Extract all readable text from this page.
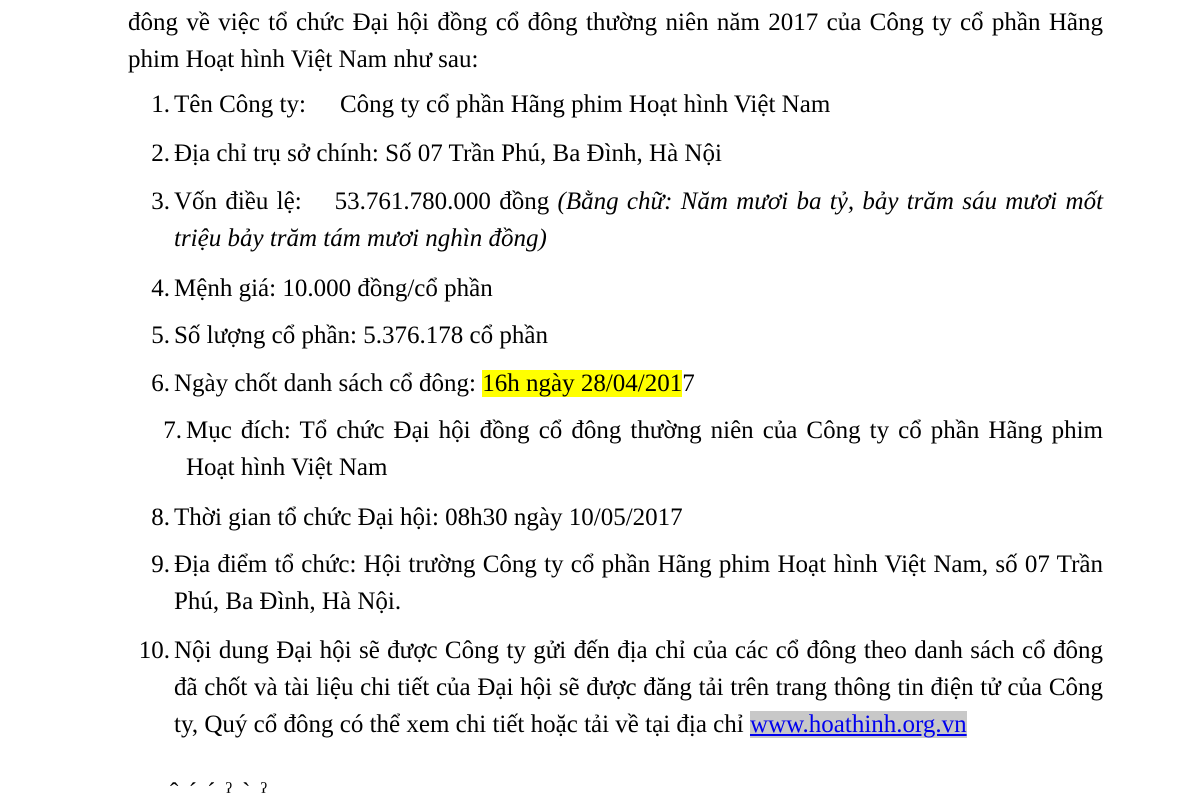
đông về việc tổ chức Đại hội đồng cổ đông thường niên năm 2017 của Công ty cổ phần Hãng phim Hoạt hình Việt Nam như sau:
1. Tên Công ty: Công ty cổ phần Hãng phim Hoạt hình Việt Nam
2. Địa chỉ trụ sở chính: Số 07 Trần Phú, Ba Đình, Hà Nội
3. Vốn điều lệ: 53.761.780.000 đồng (Bằng chữ: Năm mươi ba tỷ, bảy trăm sáu mươi mốt triệu bảy trăm tám mươi nghìn đồng)
4. Mệnh giá: 10.000 đồng/cổ phần
5. Số lượng cổ phần: 5.376.178 cổ phần
6. Ngày chốt danh sách cổ đông: 16h ngày 28/04/2017
7. Mục đích: Tổ chức Đại hội đồng cổ đông thường niên của Công ty cổ phần Hãng phim Hoạt hình Việt Nam
8. Thời gian tổ chức Đại hội: 08h30 ngày 10/05/2017
9. Địa điểm tổ chức: Hội trường Công ty cổ phần Hãng phim Hoạt hình Việt Nam, số 07 Trần Phú, Ba Đình, Hà Nội.
10. Nội dung Đại hội sẽ được Công ty gửi đến địa chỉ của các cổ đông theo danh sách cổ đông đã chốt và tài liệu chi tiết của Đại hội sẽ được đăng tải trên trang thông tin điện tử của Công ty, Quý cổ đông có thể xem chi tiết hoặc tải về tại địa chỉ www.hoathinh.org.vn
ˆ ˊ ˊ ˀ ˋ ˀ
